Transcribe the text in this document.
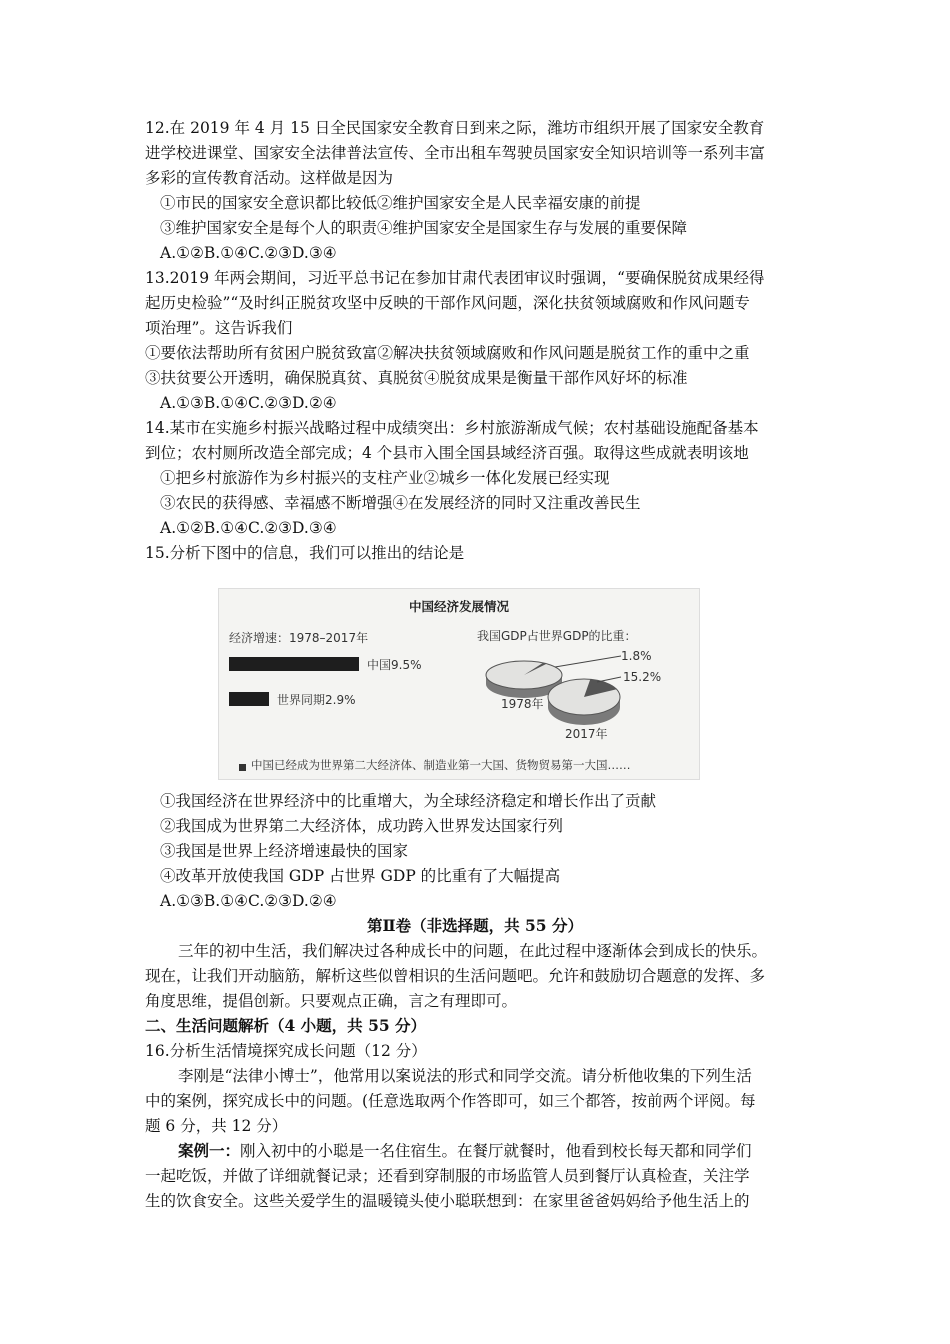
12.在 2019 年 4 月 15 日全民国家安全教育日到来之际，潍坊市组织开展了国家安全教育
进学校进课堂、国家安全法律普法宣传、全市出租车驾驶员国家安全知识培训等一系列丰富
多彩的宣传教育活动。这样做是因为
①市民的国家安全意识都比较低②维护国家安全是人民幸福安康的前提
③维护国家安全是每个人的职责④维护国家安全是国家生存与发展的重要保障
A.①②B.①④C.②③D.③④
13.2019 年两会期间，习近平总书记在参加甘肃代表团审议时强调，“要确保脱贫成果经得
起历史检验”“及时纠正脱贫攻坚中反映的干部作风问题，深化扶贫领域腐败和作风问题专
项治理”。这告诉我们
①要依法帮助所有贫困户脱贫致富②解决扶贫领域腐败和作风问题是脱贫工作的重中之重
③扶贫要公开透明，确保脱真贫、真脱贫④脱贫成果是衡量干部作风好坏的标准
A.①③B.①④C.②③D.②④
14.某市在实施乡村振兴战略过程中成绩突出：乡村旅游渐成气候；农村基础设施配备基本
到位；农村厕所改造全部完成；4 个县市入围全国县域经济百强。取得这些成就表明该地
①把乡村旅游作为乡村振兴的支柱产业②城乡一体化发展已经实现
③农民的获得感、幸福感不断增强④在发展经济的同时又注重改善民生
A.①②B.①④C.②③D.③④
15.分析下图中的信息，我们可以推出的结论是
中国经济发展情况
经济增速：1978–2017年	我国GDP占世界GDP的比重：
中国9.5%
世界同期2.9%
1.8%
15.2%
1978年
2017年
中国已经成为世界第二大经济体、制造业第一大国、货物贸易第一大国……
①我国经济在世界经济中的比重增大，为全球经济稳定和增长作出了贡献
②我国成为世界第二大经济体，成功跨入世界发达国家行列
③我国是世界上经济增速最快的国家
④改革开放使我国 GDP 占世界 GDP 的比重有了大幅提高
A.①③B.①④C.②③D.②④
第Ⅱ卷（非选择题，共 55 分）
三年的初中生活，我们解决过各种成长中的问题，在此过程中逐渐体会到成长的快乐。
现在，让我们开动脑筋，解析这些似曾相识的生活问题吧。允许和鼓励切合题意的发挥、多
角度思维，提倡创新。只要观点正确，言之有理即可。
二、生活问题解析（4 小题，共 55 分）
16.分析生活情境探究成长问题（12 分）
李刚是“法律小博士”，他常用以案说法的形式和同学交流。请分析他收集的下列生活
中的案例，探究成长中的问题。(任意选取两个作答即可，如三个都答，按前两个评阅。每
题 6 分，共 12 分）
案例一：刚入初中的小聪是一名住宿生。在餐厅就餐时，他看到校长每天都和同学们
一起吃饭，并做了详细就餐记录；还看到穿制服的市场监管人员到餐厅认真检查，关注学
生的饮食安全。这些关爱学生的温暖镜头使小聪联想到：在家里爸爸妈妈给予他生活上的
